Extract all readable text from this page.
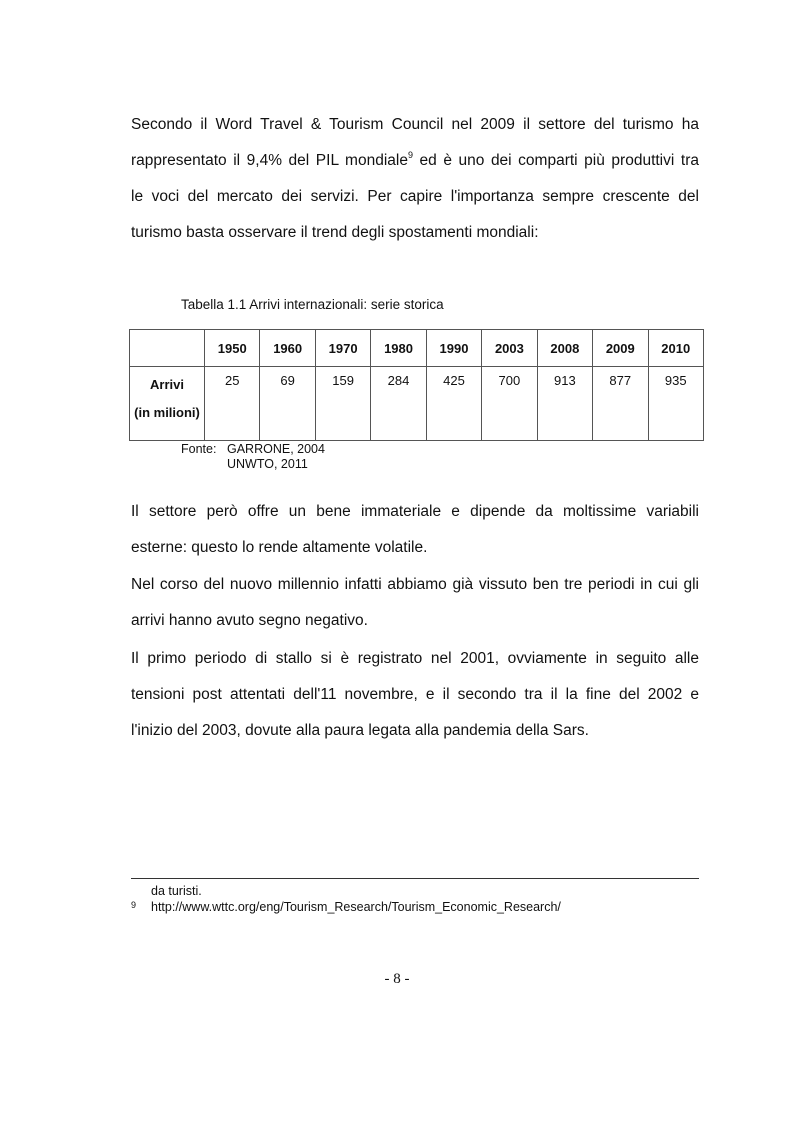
Secondo il Word Travel & Tourism Council nel 2009 il settore del turismo ha
rappresentato il 9,4% del PIL mondiale$^9$ ed è uno dei comparti più produttivi tra
le voci del mercato dei servizi. Per capire l'importanza sempre crescente del
turismo basta osservare il trend degli spostamenti mondiali:
Tabella 1.1 Arrivi internazionali: serie storica
	1950	1960	1970	1980	1990	2003	2008	2009	2010

Arrivi
(in milioni)	25	69	159	284	425	700	913	877	935
Fonte: GARRONE, 2004
UNWTO, 2011
Il settore però offre un bene immateriale e dipende da moltissime variabili
esterne: questo lo rende altamente volatile.
Nel corso del nuovo millennio infatti abbiamo già vissuto ben tre periodi in cui gli
arrivi hanno avuto segno negativo.
Il primo periodo di stallo si è registrato nel 2001, ovviamente in seguito alle
tensioni post attentati dell'11 novembre, e il secondo tra il la fine del 2002 e
l'inizio del 2003, dovute alla paura legata alla pandemia della Sars.
da turisti.
9 http://www.wttc.org/eng/Tourism_Research/Tourism_Economic_Research/
- 8 -
